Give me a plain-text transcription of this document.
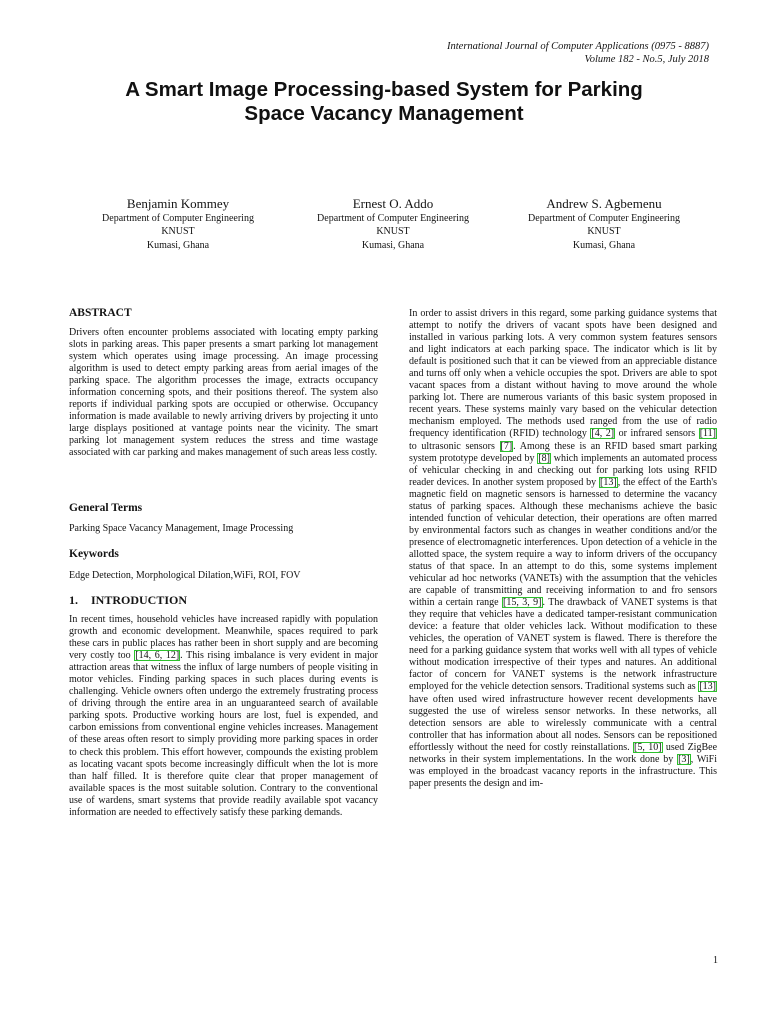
International Journal of Computer Applications (0975 - 8887)
Volume 182 - No.5, July 2018
A Smart Image Processing-based System for Parking
Space Vacancy Management
Benjamin Kommey
Department of Computer Engineering
KNUST
Kumasi, Ghana
Ernest O. Addo
Department of Computer Engineering
KNUST
Kumasi, Ghana
Andrew S. Agbemenu
Department of Computer Engineering
KNUST
Kumasi, Ghana
ABSTRACT

Drivers often encounter problems associated with locating empty parking slots in parking areas. This paper presents a smart parking lot management system which operates using image processing. An image processing algorithm is used to detect empty parking areas from aerial images of the parking space. The algorithm processes the image, extracts occupancy information concerning spots, and their positions thereof. The system also reports if individual parking spots are occupied or otherwise. Occupancy information is made available to newly arriving drivers by projecting it unto large displays positioned at vantage points near the vicinity. The smart parking lot management system reduces the stress and time wastage associated with car parking and makes management of such areas less costly.

General Terms

Parking Space Vacancy Management, Image Processing

Keywords

Edge Detection, Morphological Dilation,WiFi, ROI, FOV

1. INTRODUCTION

In recent times, household vehicles have increased rapidly with population growth and economic development. Meanwhile, spaces required to park these cars in public places has rather been in short supply and are becoming very costly too [14, 6, 12]. This rising imbalance is very evident in major attraction areas that witness the influx of large numbers of people visiting in motor vehicles. Finding parking spaces in such places during events is challenging. Vehicle owners often undergo the extremely frustrating process of driving through the entire area in an unguaranteed search of available parking spots. Productive working hours are lost, fuel is expended, and carbon emissions from conventional engine vehicles increases. Management of these areas often resort to simply providing more parking spaces in order to check this problem. This effort however, compounds the existing problem as locating vacant spots become increasingly difficult when the lot is more than half filled. It is therefore quite clear that proper management of available spaces is the most suitable solution. Contrary to the conventional use of wardens, smart systems that provide readily available spot vacancy information are needed to effectively satisfy these parking demands.

In order to assist drivers in this regard, some parking guidance systems that attempt to notify the drivers of vacant spots have been designed and installed in various parking lots. A very common system features sensors and light indicators at each parking space. The indicator which is lit by default is positioned such that it can be viewed from an appreciable distance and turns off only when a vehicle occupies the spot. Drivers are able to spot vacant spaces from a distant without having to move around the whole parking lot. There are numerous variants of this basic system proposed in recent years. These systems mainly vary based on the vehicular detection mechanism employed. The methods used ranged from the use of radio frequency identification (RFID) technology [4, 2] or infrared sensors [11] to ultrasonic sensors [7]. Among these is an RFID based smart parking system prototype developed by [8] which implements an automated process of vehicular checking in and checking out for parking lots using RFID reader devices. In another system proposed by [13], the effect of the Earth's magnetic field on magnetic sensors is harnessed to determine the vacancy status of parking spaces. Although these mechanisms achieve the basic intended function of vehicular detection, their operations are often marred by environmental factors such as changes in weather conditions and/or the presence of electromagnetic interferences. Upon detection of a vehicle in the allotted space, the system require a way to inform drivers of the occupancy status of that space. In an attempt to do this, some systems implement vehicular ad hoc networks (VANETs) with the assumption that the vehicles are capable of transmitting and receiving information to and fro sensors within a certain range [15, 3, 9]. The drawback of VANET systems is that they require that vehicles have a dedicated tamper-resistant communication device: a feature that older vehicles lack. Without modification to these vehicles, the operation of VANET system is flawed. There is therefore the need for a parking guidance system that works well with all types of vehicle without modication irrespective of their types and natures. An additional factor of concern for VANET systems is the network infrastructure employed for the vehicle detection sensors. Traditional systems such as [13] have often used wired infrastructure however recent developments have suggested the use of wireless sensor networks. In these networks, all detection sensors are able to wirelessly communicate with a central controller that has information about all nodes. Sensors can be repositioned effortlessly without the need for costly reinstallations. [5, 10] used ZigBee networks in their system implementations. In the work done by [3], WiFi was employed in the broadcast vacancy reports in the infrastructure. This paper presents the design and im-

1
